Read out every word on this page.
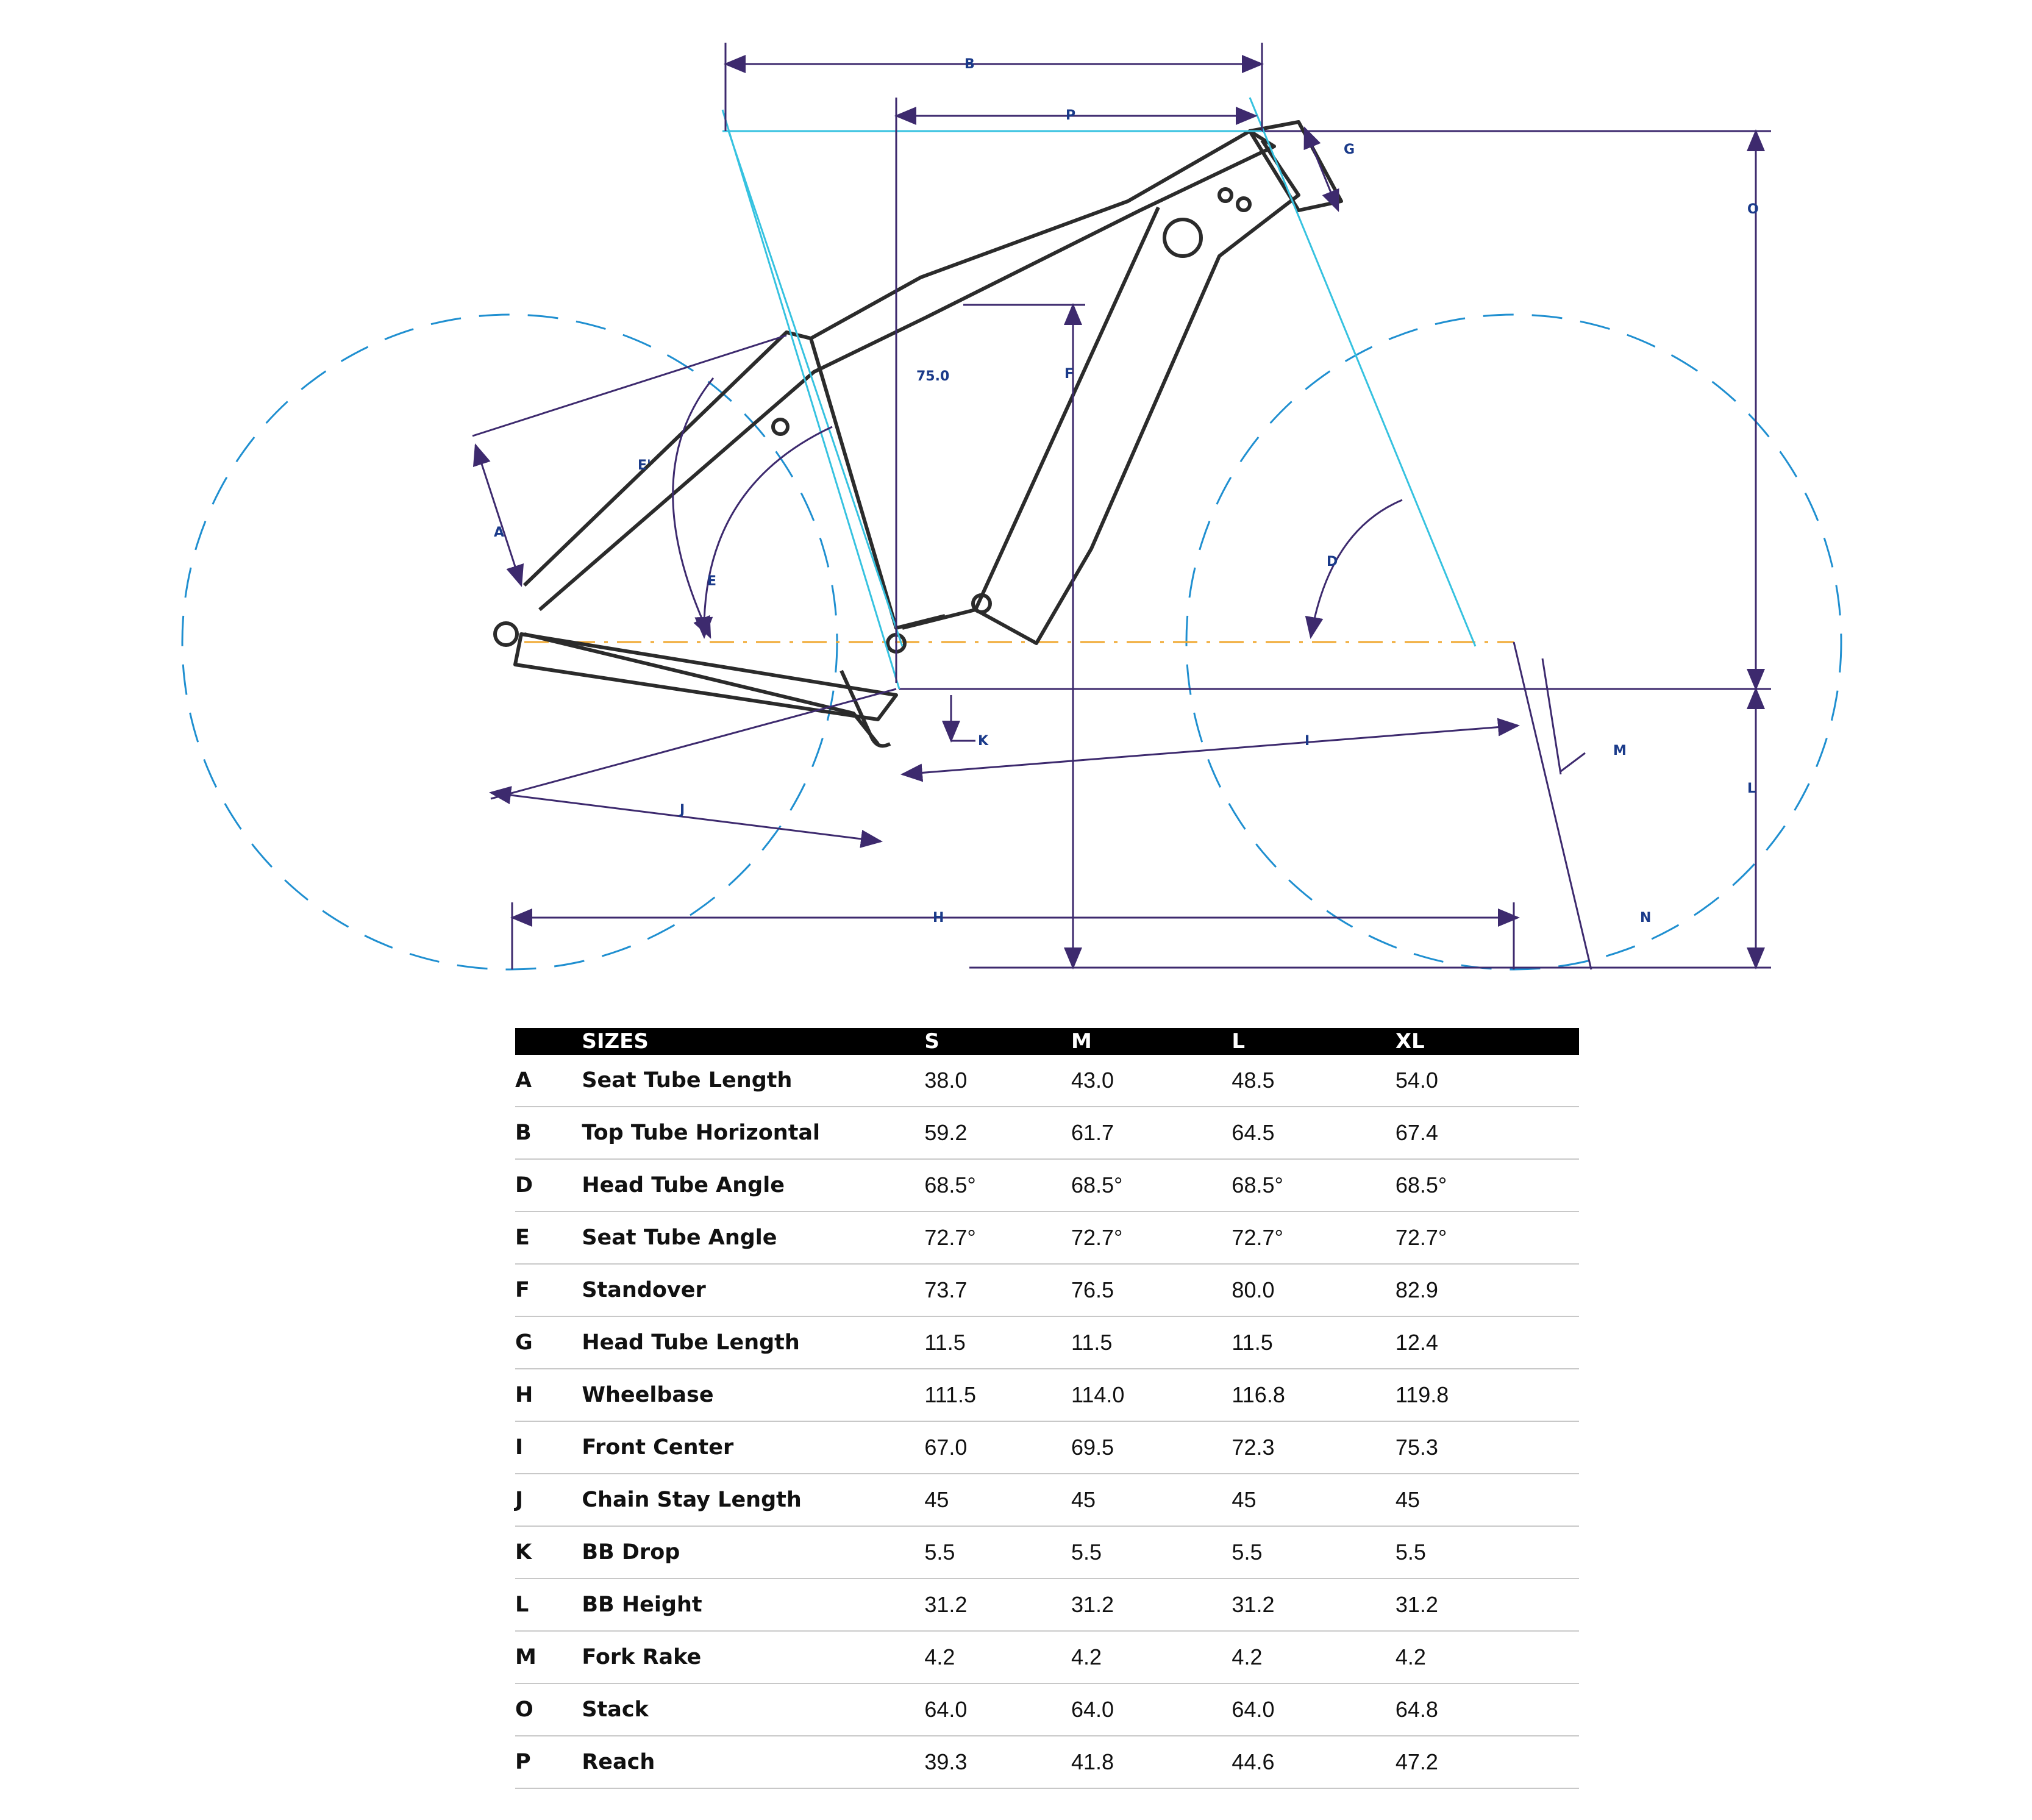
B
P
G
O
75.0	F
E'
A
E
D
K	I
M
L
J
H	N
	SIZES	S	M	L	XL
A	Seat Tube Length	38.0	43.0	48.5	54.0
B	Top Tube Horizontal	59.2	61.7	64.5	67.4
D	Head Tube Angle	68.5°	68.5°	68.5°	68.5°
E	Seat Tube Angle	72.7°	72.7°	72.7°	72.7°
F	Standover	73.7	76.5	80.0	82.9
G	Head Tube Length	11.5	11.5	11.5	12.4
H	Wheelbase	111.5	114.0	116.8	119.8
I	Front Center	67.0	69.5	72.3	75.3
J	Chain Stay Length	45	45	45	45
K	BB Drop	5.5	5.5	5.5	5.5
L	BB Height	31.2	31.2	31.2	31.2
M	Fork Rake	4.2	4.2	4.2	4.2
O	Stack	64.0	64.0	64.0	64.8
P	Reach	39.3	41.8	44.6	47.2
